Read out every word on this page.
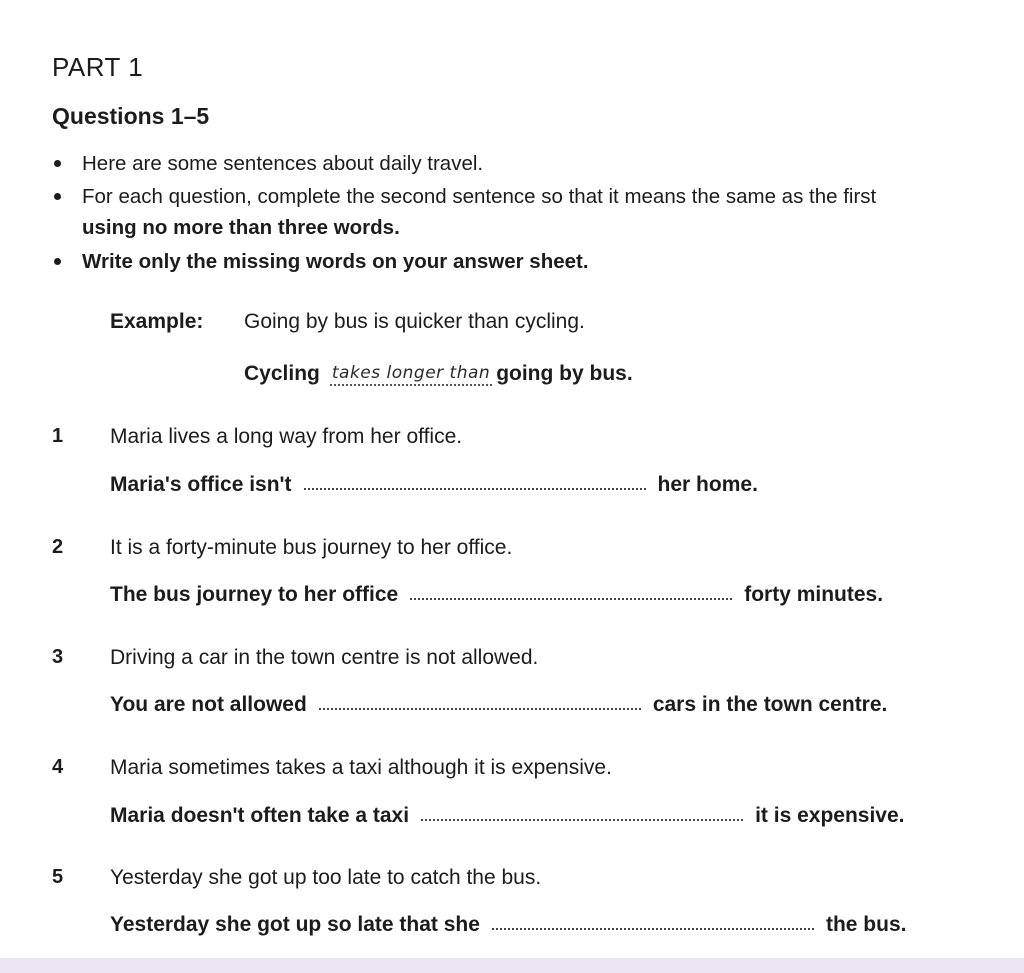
PART 1
Questions 1–5
Here are some sentences about daily travel.
For each question, complete the second sentence so that it means the same as the first
using no more than three words.
Write only the missing words on your answer sheet.
Example: Going by bus is quicker than cycling.
Cycling takes longer than going by bus.
1 Maria lives a long way from her office.
Maria's office isn't	her home.
2 It is a forty-minute bus journey to her office.
The bus journey to her office	forty minutes.
3 Driving a car in the town centre is not allowed.
You are not allowed	cars in the town centre.
4 Maria sometimes takes a taxi although it is expensive.
Maria doesn't often take a taxi	it is expensive.
5 Yesterday she got up too late to catch the bus.
Yesterday she got up so late that she	the bus.
